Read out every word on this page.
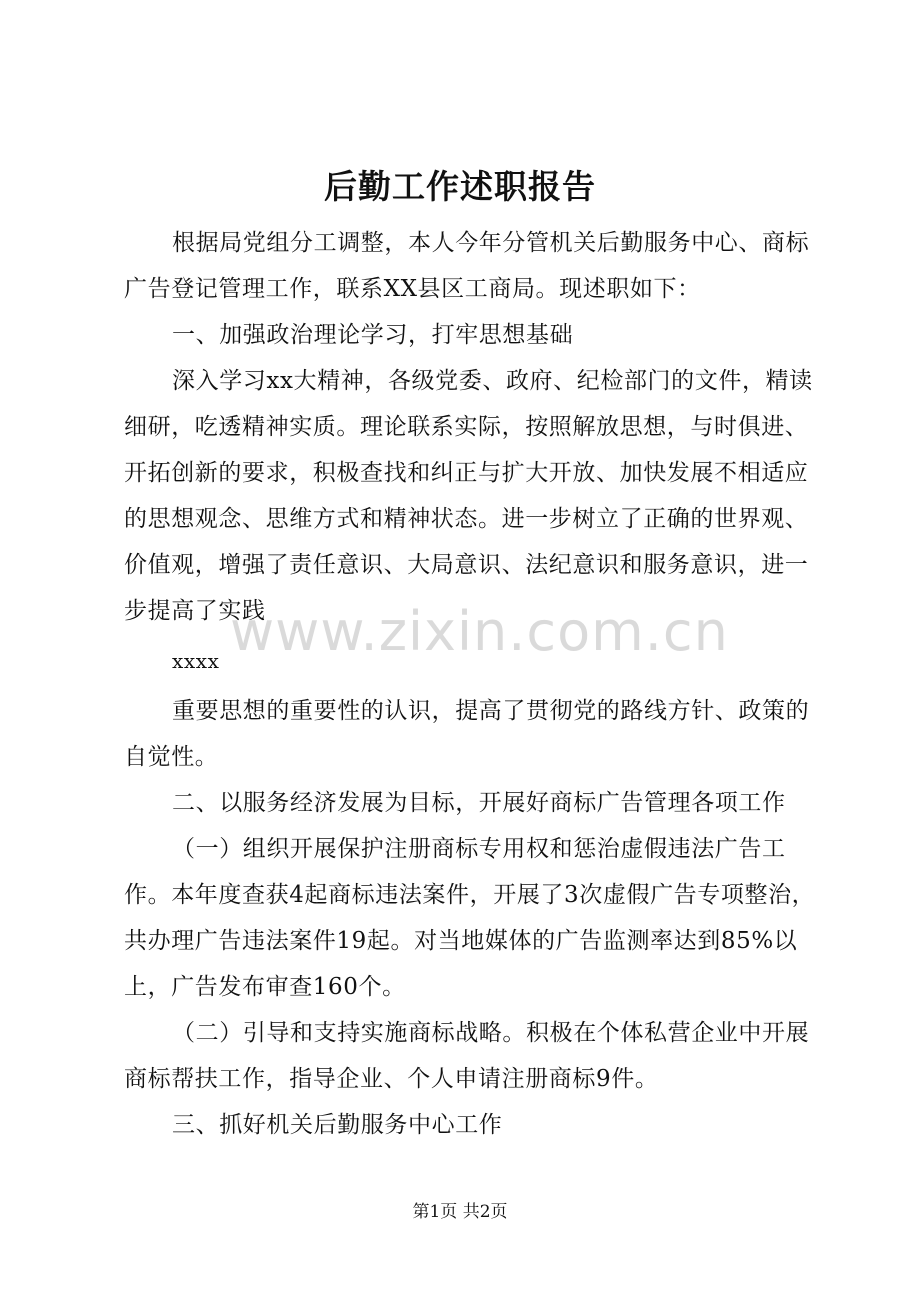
后勤工作述职报告

根据局党组分工调整，本人今年分管机关后勤服务中心、商标广告登记管理工作，联系XX县区工商局。现述职如下：

一、加强政治理论学习，打牢思想基础

深入学习xx大精神，各级党委、政府、纪检部门的文件，精读细研，吃透精神实质。理论联系实际，按照解放思想，与时俱进、开拓创新的要求，积极查找和纠正与扩大开放、加快发展不相适应的思想观念、思维方式和精神状态。进一步树立了正确的世界观、价值观，增强了责任意识、大局意识、法纪意识和服务意识，进一步提高了实践

xxxx

重要思想的重要性的认识，提高了贯彻党的路线方针、政策的自觉性。

二、以服务经济发展为目标，开展好商标广告管理各项工作

（一）组织开展保护注册商标专用权和惩治虚假违法广告工作。本年度查获4起商标违法案件，开展了3次虚假广告专项整治，共办理广告违法案件19起。对当地媒体的广告监测率达到85%以上，广告发布审查160个。

（二）引导和支持实施商标战略。积极在个体私营企业中开展商标帮扶工作，指导企业、个人申请注册商标9件。

三、抓好机关后勤服务中心工作

www.zixin.com.cn
第1页 共2页
